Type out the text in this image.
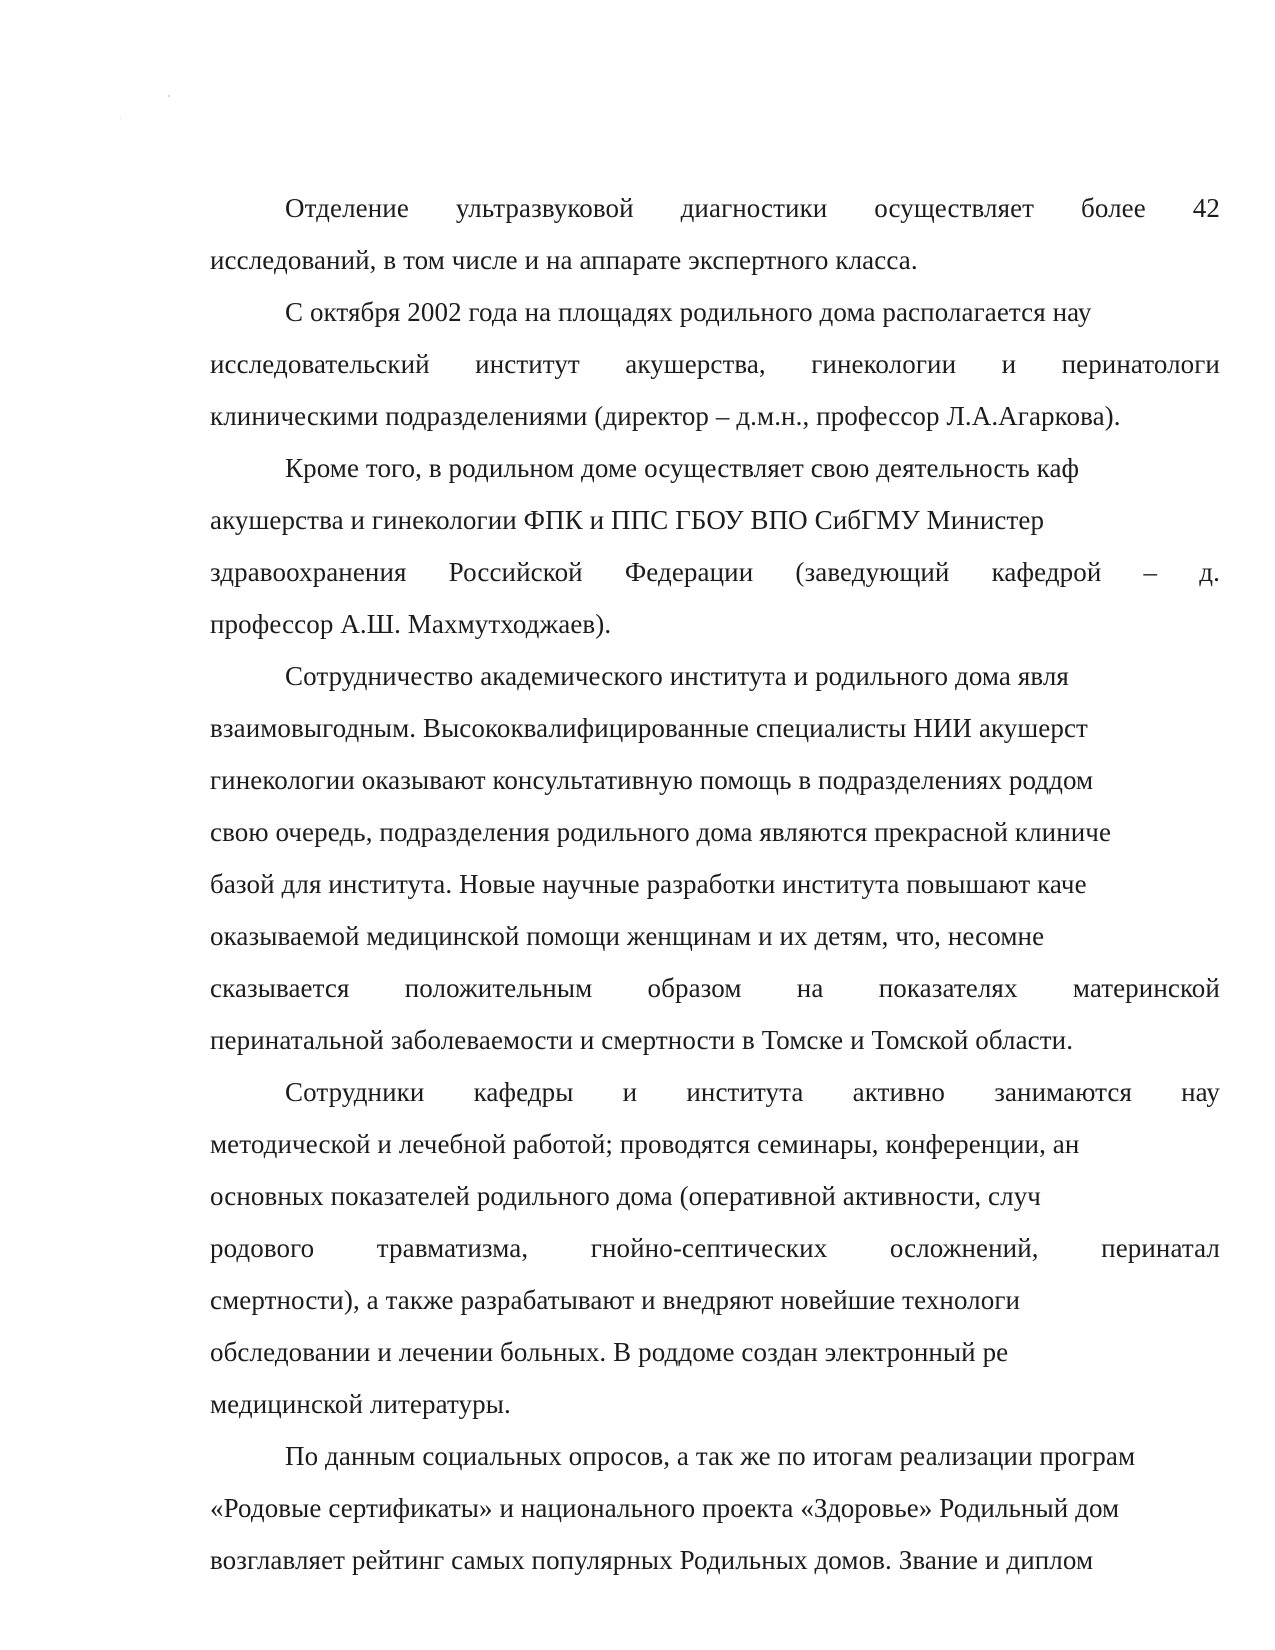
Отделение ультразвуковой диагностики осуществляет более 42
исследований, в том числе и на аппарате экспертного класса.
С октября 2002 года на площадях родильного дома располагается нау
исследовательский институт акушерства, гинекологии и перинатологи
клиническими подразделениями (директор – д.м.н., профессор Л.А.Агаркова).
Кроме того, в родильном доме осуществляет свою деятельность каф
акушерства и гинекологии ФПК и ППС ГБОУ ВПО СибГМУ Министер
здравоохранения Российской Федерации (заведующий кафедрой – д.
профессор А.Ш. Махмутходжаев).
Сотрудничество академического института и родильного дома явля
взаимовыгодным. Высококвалифицированные специалисты НИИ акушерст
гинекологии оказывают консультативную помощь в подразделениях роддом
свою очередь, подразделения родильного дома являются прекрасной клиниче
базой для института. Новые научные разработки института повышают каче
оказываемой медицинской помощи женщинам и их детям, что, несомне
сказывается положительным образом на показателях материнской
перинатальной заболеваемости и смертности в Томске и Томской области.
Сотрудники кафедры и института активно занимаются нау
методической и лечебной работой; проводятся семинары, конференции, ан
основных показателей родильного дома (оперативной активности, случ
родового травматизма, гнойно-септических осложнений, перинатал
смертности), а также разрабатывают и внедряют новейшие технологи
обследовании и лечении больных. В роддоме создан электронный ре
медицинской литературы.
По данным социальных опросов, а так же по итогам реализации програм
«Родовые сертификаты» и национального проекта «Здоровье» Родильный дом
возглавляет рейтинг самых популярных Родильных домов. Звание и диплом
